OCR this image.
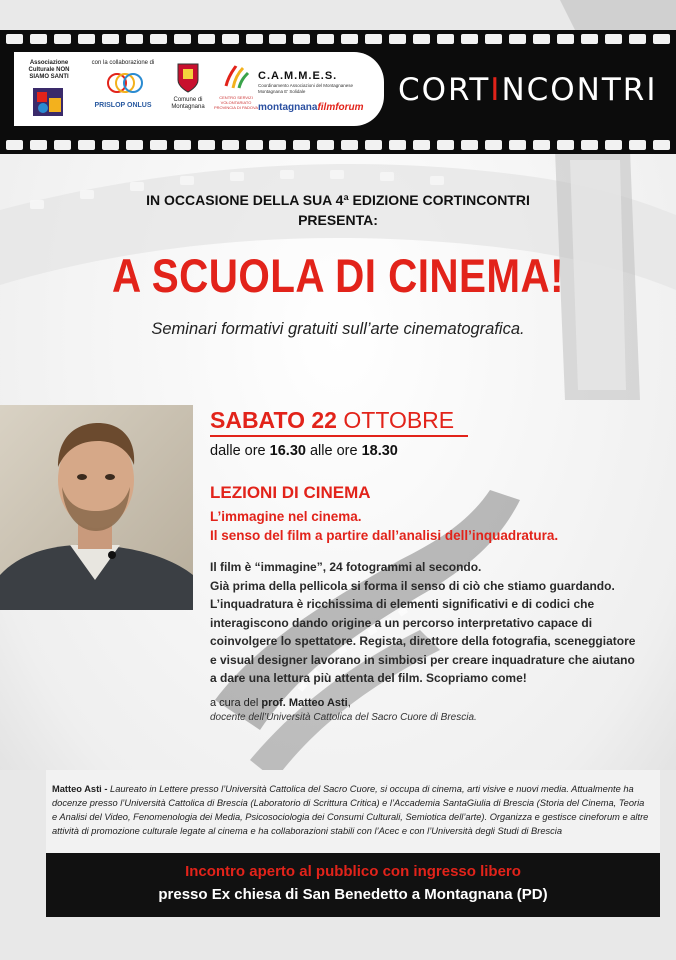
Associazione Culturale NON SIAMO SANTI
con la collaborazione di
PRISLOP ONLUS
Comune di Montagnana
CENTRO SERVIZI VOLONTARIATO PROVINCIA DI PADOVA
C.A.M.M.E.S.
Coordinamento Associazioni del Montagnanese Montagnana E' Solidale
montagnanafilmforum	CORTINCONTRI
IN OCCASIONE DELLA SUA 4ª EDIZIONE CORTINCONTRI
PRESENTA:
A SCUOLA DI CINEMA!
Seminari formativi gratuiti sull’arte cinematografica.
SABATO 22 OTTOBRE
dalle ore 16.30 alle ore 18.30
LEZIONI DI CINEMA
L’immagine nel cinema.
Il senso del film a partire dall’analisi dell’inquadratura.

Il film è “immagine”, 24 fotogrammi al secondo.

Già prima della pellicola si forma il senso di ciò che stiamo guardando.

L’inquadratura è ricchissima di elementi significativi e di codici che

interagiscono dando origine a un percorso interpretativo capace di

coinvolgere lo spettatore. Regista, direttore della fotografia, sceneggiatore

e visual designer lavorano in simbiosi per creare inquadrature che aiutano

a dare una lettura più attenta del film. Scopriamo come!

a cura del prof. Matteo Asti,
docente dell’Università Cattolica del Sacro Cuore di Brescia.

Matteo Asti - Laureato in Lettere presso l’Università Cattolica del Sacro Cuore, si occupa di cinema, arti visive e nuovi media. Attualmente ha

docenze presso l’Università Cattolica di Brescia (Laboratorio di Scrittura Critica) e l’Accademia SantaGiulia di Brescia (Storia del Cinema, Teoria

e Analisi del Video, Fenomenologia dei Media, Psicosociologia dei Consumi Culturali, Semiotica dell’arte). Organizza e gestisce cineforum e altre

attività di promozione culturale legate al cinema e ha collaborazioni stabili con l’Acec e con l’Università degli Studi di Brescia

Incontro aperto al pubblico con ingresso libero
presso Ex chiesa di San Benedetto a Montagnana (PD)
